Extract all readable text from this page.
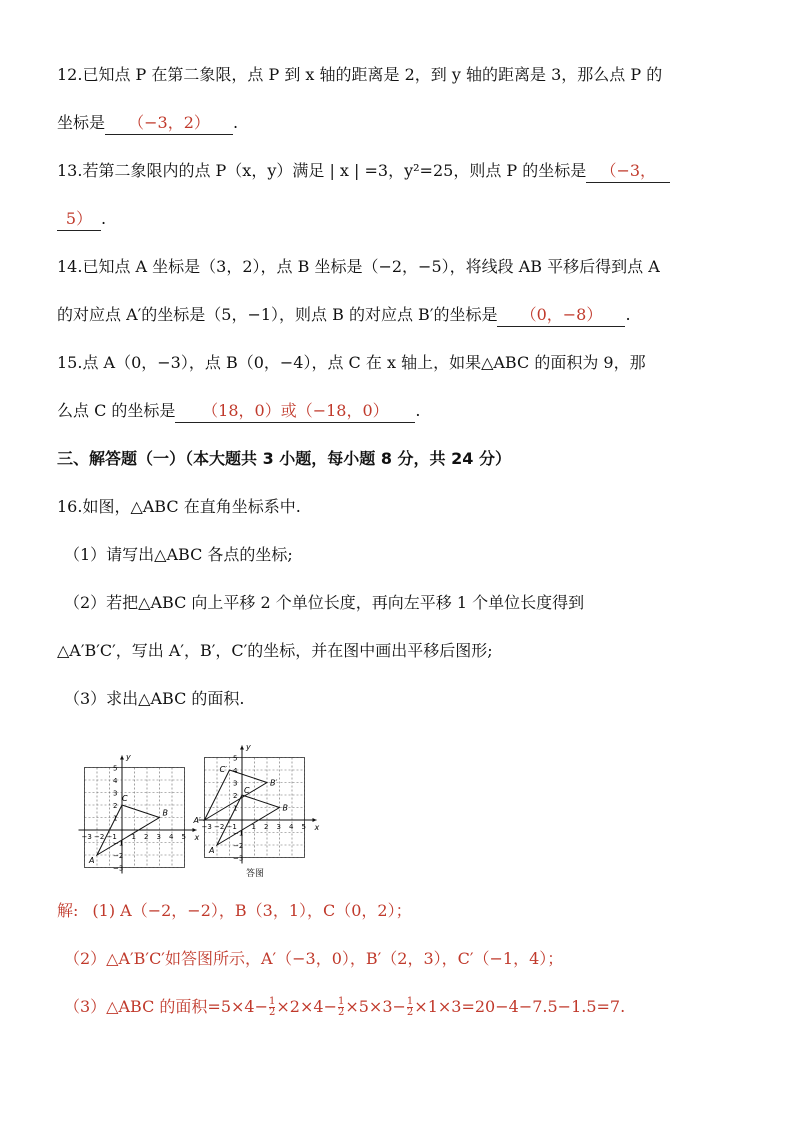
12.已知点 P 在第二象限，点 P 到 x 轴的距离是 2，到 y 轴的距离是 3，那么点 P 的
坐标是 （−3，2） .
13.若第二象限内的点 P（x，y）满足 | x | =3，y²=25，则点 P 的坐标是 （−3，
5） .
14.已知点 A 坐标是（3，2），点 B 坐标是（−2，−5），将线段 AB 平移后得到点 A
的对应点 A′的坐标是（5，−1），则点 B 的对应点 B′的坐标是 （0，−8） .
15.点 A（0，−3），点 B（0，−4），点 C 在 x 轴上，如果△ABC 的面积为 9，那
么点 C 的坐标是 （18，0）或（−18，0） .
三、解答题（一）（本大题共 3 小题，每小题 8 分，共 24 分）
16.如图，△ABC 在直角坐标系中.
（1）请写出△ABC 各点的坐标;
（2）若把△ABC 向上平移 2 个单位长度，再向左平移 1 个单位长度得到
△A′B′C′，写出 A′，B′，C′的坐标，并在图中画出平移后图形;
（3）求出△ABC 的面积.
x
y
−3 −2 −1 1 2 3 4 5
5
4
3
2
1
−1
−2
−3
A
B
C
x
y
−3 −2 −1 1 2 3 4 5
5
4
3
2
1
−1
−2
−3
A
B
C
A′
B′
C′
答图
解: (1) A（−2，−2），B（3，1），C（0，2）；
（2）△A′B′C′如答图所示，A′（−3，0），B′（2，3），C′（−1，4）；
（3）△ABC 的面积$=5\times 4- \frac{1}{2} \times 2\times 4- \frac{1}{2} \times 5\times 3- \frac{1}{2} \times 1\times 3=20-4-7.5-1.5=7$.
